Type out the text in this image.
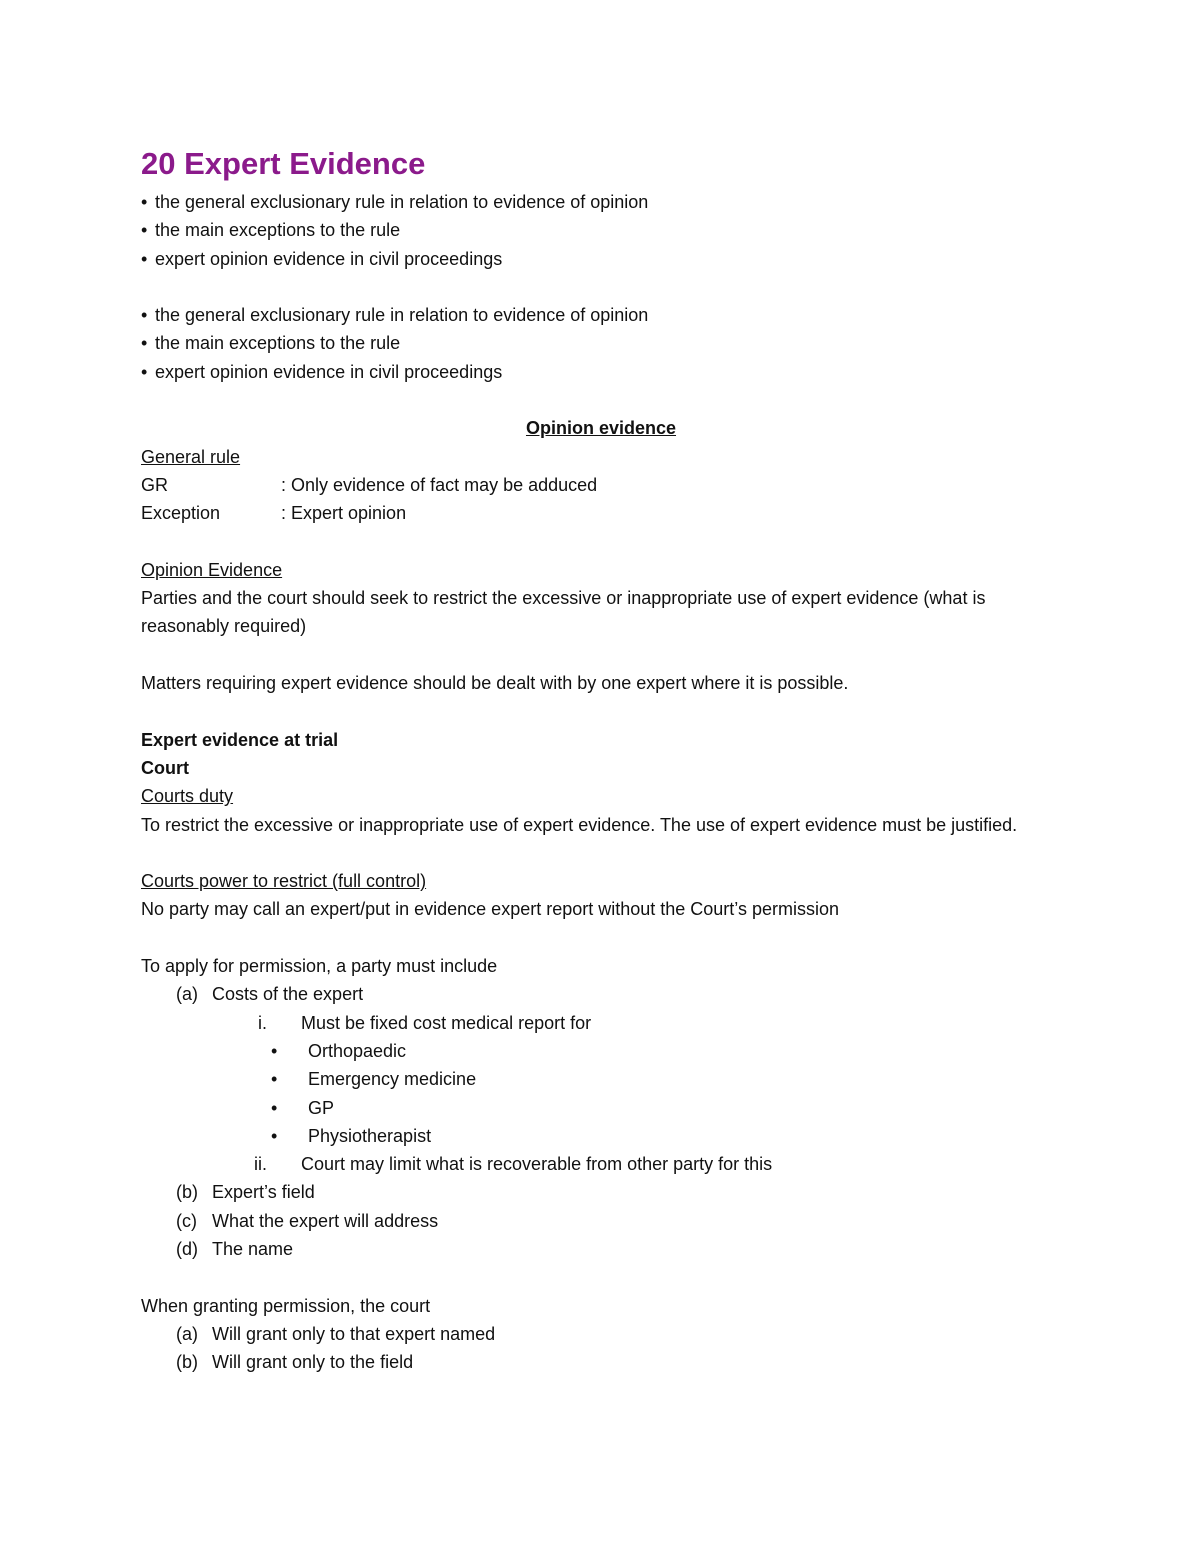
20 Expert Evidence

• the general exclusionary rule in relation to evidence of opinion

• the main exceptions to the rule

• expert opinion evidence in civil proceedings

• the general exclusionary rule in relation to evidence of opinion

• the main exceptions to the rule

• expert opinion evidence in civil proceedings

Opinion evidence

General rule

GR	: Only evidence of fact may be adduced
Exception	: Expert opinion

Opinion Evidence

Parties and the court should seek to restrict the excessive or inappropriate use of expert evidence (what is reasonably required)

Matters requiring expert evidence should be dealt with by one expert where it is possible.

Expert evidence at trial

Court

Courts duty

To restrict the excessive or inappropriate use of expert evidence. The use of expert evidence must be justified.

Courts power to restrict (full control)

No party may call an expert/put in evidence expert report without the Court’s permission

To apply for permission, a party must include

(a) Costs of the expert
i.	Must be fixed cost medical report for
•	Orthopaedic
•	Emergency medicine
•	GP
•	Physiotherapist
ii.	Court may limit what is recoverable from other party for this
(b) Expert’s field
(c) What the expert will address
(d) The name

When granting permission, the court

(a) Will grant only to that expert named
(b) Will grant only to the field
